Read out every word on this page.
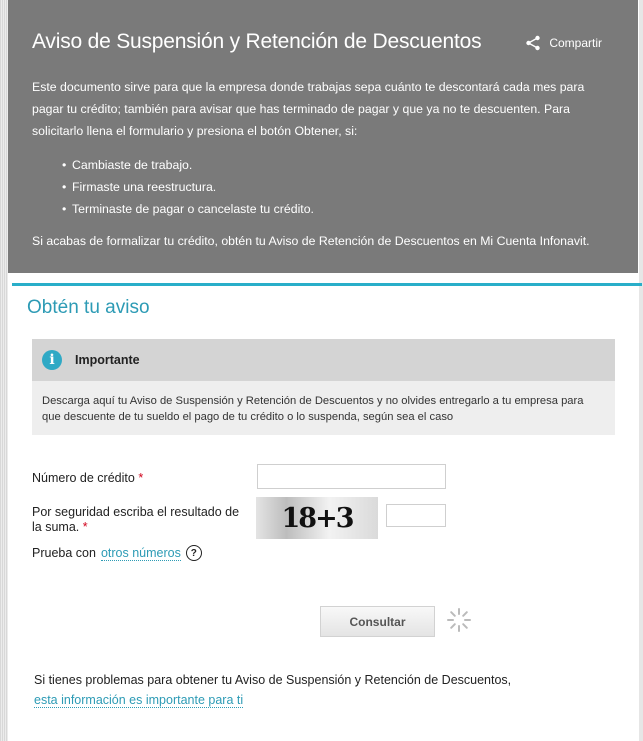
Aviso de Suspensión y Retención de Descuentos	Compartir
Este documento sirve para que la empresa donde trabajas sepa cuánto te descontará cada mes para pagar tu crédito; también para avisar que has terminado de pagar y que ya no te descuenten. Para solicitarlo llena el formulario y presiona el botón Obtener, si:
• Cambiaste de trabajo.
• Firmaste una reestructura.
• Terminaste de pagar o cancelaste tu crédito.
Si acabas de formalizar tu crédito, obtén tu Aviso de Retención de Descuentos en Mi Cuenta Infonavit.
Obtén tu aviso
i	Importante
Descarga aquí tu Aviso de Suspensión y Retención de Descuentos y no olvides entregarlo a tu empresa para que descuente de tu sueldo el pago de tu crédito o lo suspenda, según sea el caso
Número de crédito *
Por seguridad escriba el resultado de
la suma. *	18+3
Prueba con otros números ?
Consultar
Si tienes problemas para obtener tu Aviso de Suspensión y Retención de Descuentos,
esta información es importante para ti
